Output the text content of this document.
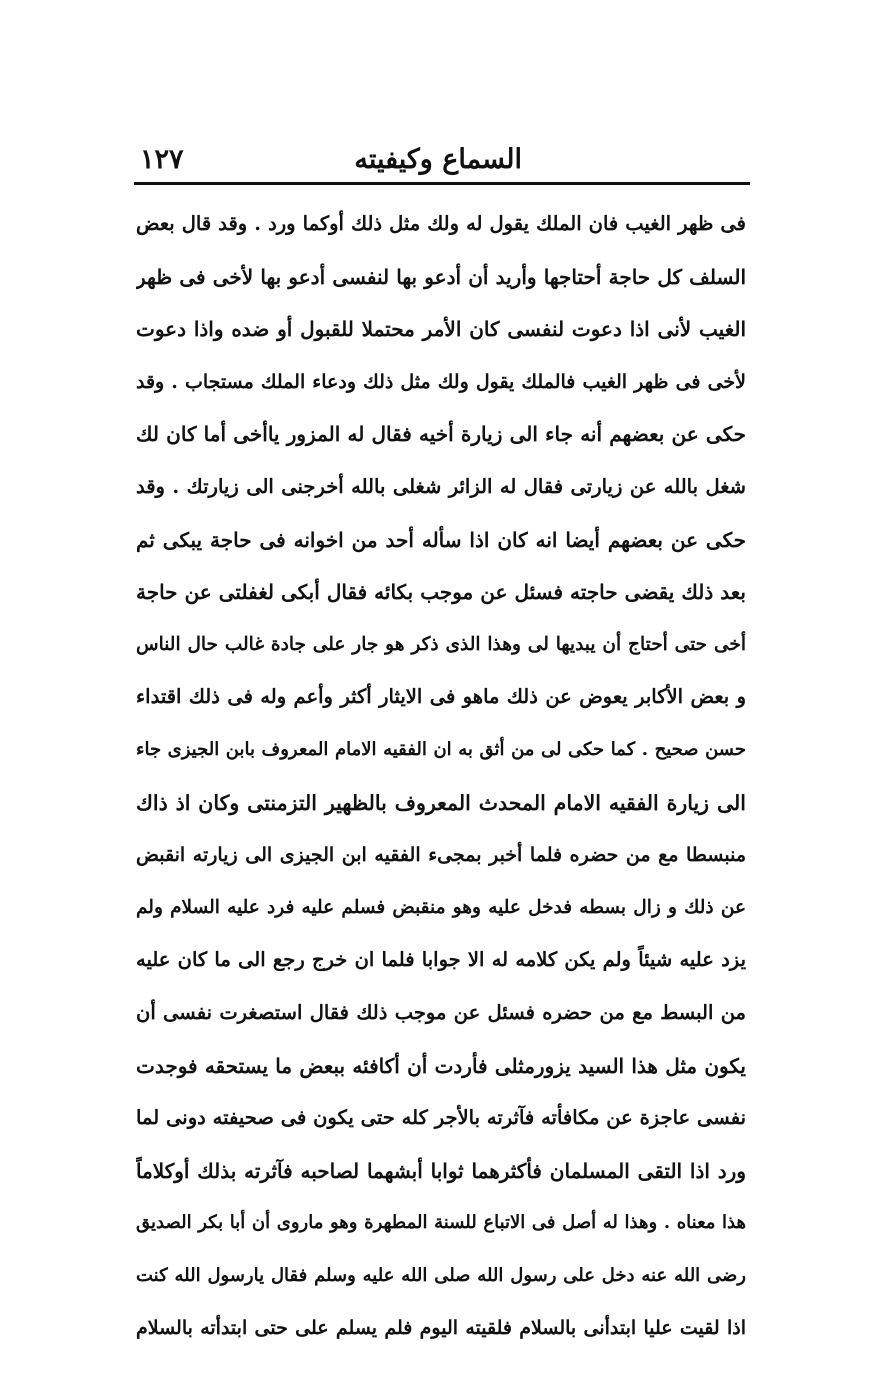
السماع وكيفيته
١٢٧
فى ظهر الغيب فان الملك يقول له ولك مثل ذلك أوكما ورد . وقد قال بعض
السلف كل حاجة أحتاجها وأريد أن أدعو بها لنفسى أدعو بها لأخى فى ظهر
الغيب لأنى اذا دعوت لنفسى كان الأمر محتملا للقبول أو ضده واذا دعوت
لأخى فى ظهر الغيب فالملك يقول ولك مثل ذلك ودعاء الملك مستجاب . وقد
حكى عن بعضهم أنه جاء الى زيارة أخيه فقال له المزور ياأخى أما كان لك
شغل بالله عن زيارتى فقال له الزائر شغلى بالله أخرجنى الى زيارتك . وقد
حكى عن بعضهم أيضا انه كان اذا سأله أحد من اخوانه فى حاجة يبكى ثم
بعد ذلك يقضى حاجته فسئل عن موجب بكائه فقال أبكى لغفلتى عن حاجة
أخى حتى أحتاج أن يبديها لى وهذا الذى ذكر هو جار على جادة غالب حال الناس
و بعض الأكابر يعوض عن ذلك ماهو فى الايثار أكثر وأعم وله فى ذلك اقتداء
حسن صحيح . كما حكى لى من أثق به ان الفقيه الامام المعروف بابن الجيزى جاء
الى زيارة الفقيه الامام المحدث المعروف بالظهير التزمنتى وكان اذ ذاك
منبسطا مع من حضره فلما أخبر بمجىء الفقيه ابن الجيزى الى زيارته انقبض
عن ذلك و زال بسطه فدخل عليه وهو منقبض فسلم عليه فرد عليه السلام ولم
يزد عليه شيئاً ولم يكن كلامه له الا جوابا فلما ان خرج رجع الى ما كان عليه
من البسط مع من حضره فسئل عن موجب ذلك فقال استصغرت نفسى أن
يكون مثل هذا السيد يزورمثلى فأردت أن أكافئه ببعض ما يستحقه فوجدت
نفسى عاجزة عن مكافأته فآثرته بالأجر كله حتى يكون فى صحيفته دونى لما
ورد اذا التقى المسلمان فأكثرهما ثوابا أبشهما لصاحبه فآثرته بذلك أوكلاماً
هذا معناه . وهذا له أصل فى الاتباع للسنة المطهرة وهو ماروى أن أبا بكر الصديق
رضى الله عنه دخل على رسول الله صلى الله عليه وسلم فقال يارسول الله كنت
اذا لقيت عليا ابتدأنى بالسلام فلقيته اليوم فلم يسلم على حتى ابتدأته بالسلام
